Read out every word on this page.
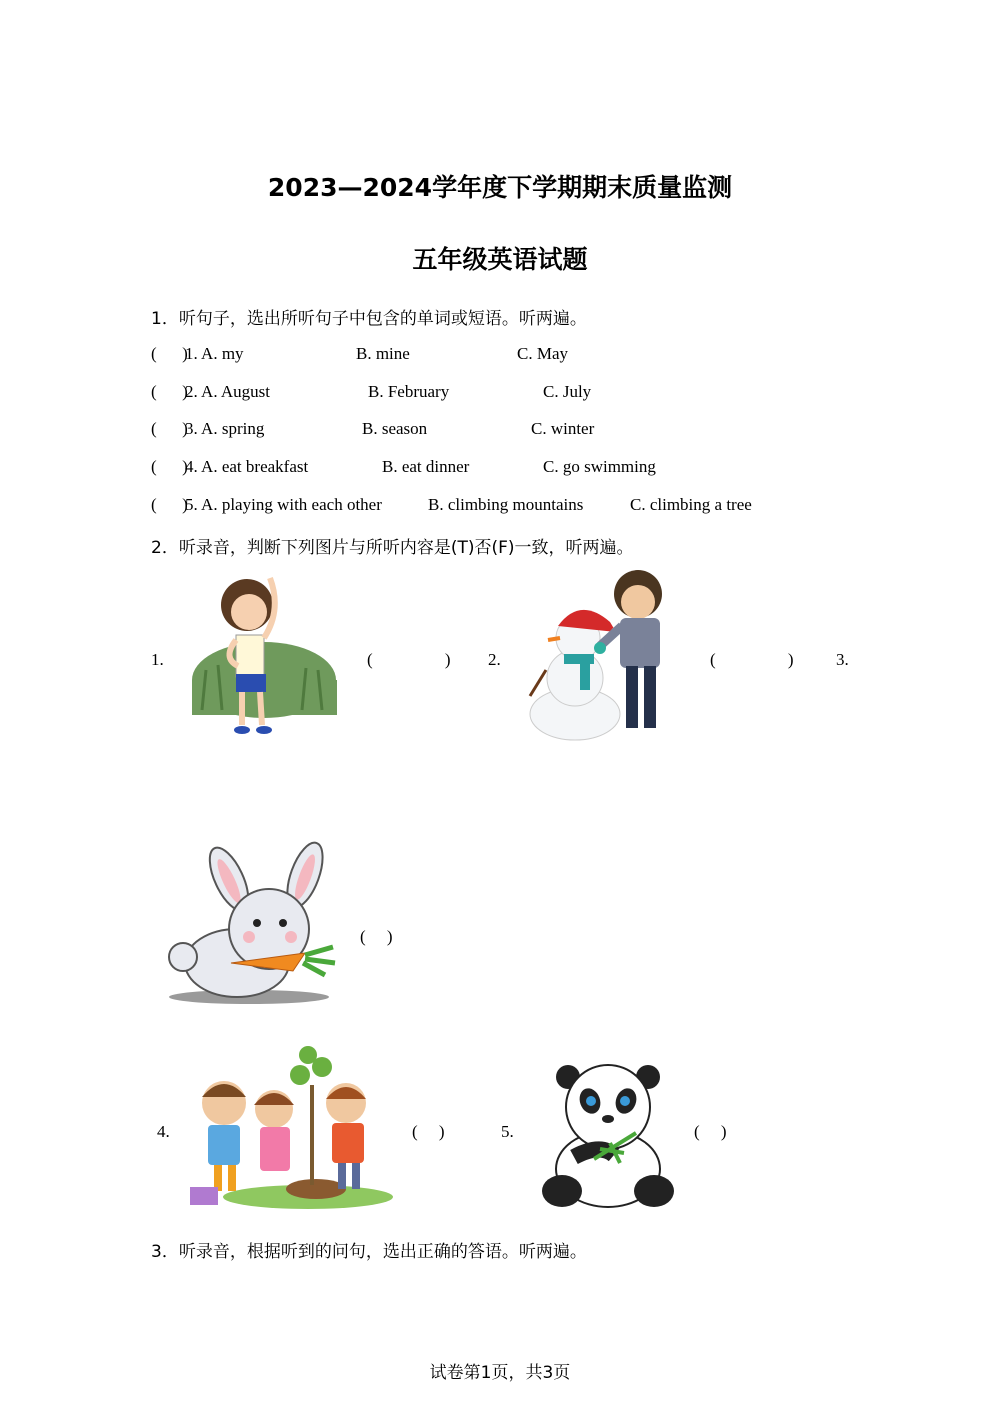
2023—2024学年度下学期期末质量监测
五年级英语试题
1．听句子，选出所听句子中包含的单词或短语。听两遍。
(      )
1. A. my	B. mine	C. May
(      )
2. A. August	B. February	C. July
(      )
3. A. spring	B. season	C. winter
(      )
4. A. eat breakfast	B. eat dinner	C. go swimming
(      )
5. A. playing with each other	B. climbing mountains	C. climbing a tree
2．听录音，判断下列图片与所听内容是(T)否(F)一致，听两遍。
1.	(                 ) 2.	(                 ) 3.
(     )
4.	(     )	5.	(     )
3．听录音，根据听到的问句，选出正确的答语。听两遍。
试卷第1页，共3页
